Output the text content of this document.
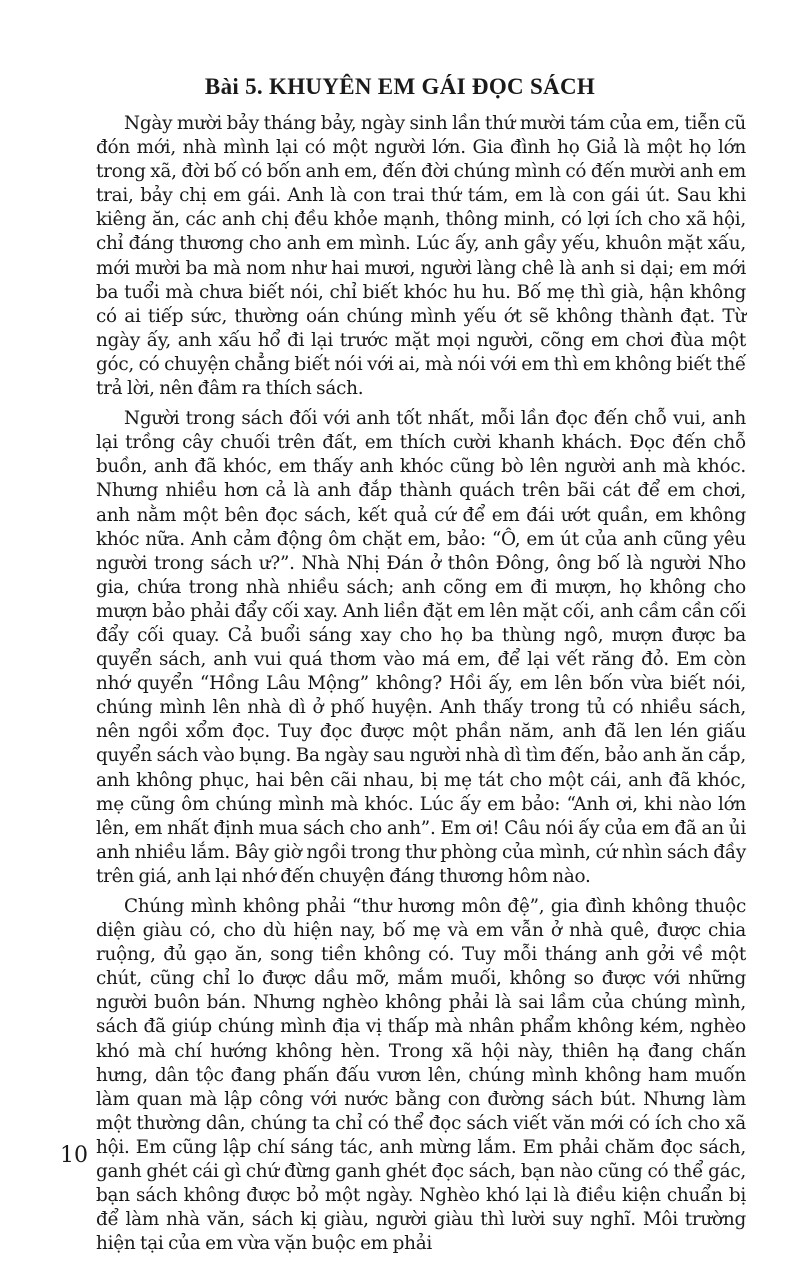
Bài 5. KHUYÊN EM GÁI ĐỌC SÁCH

Ngày mười bảy tháng bảy, ngày sinh lần thứ mười tám của em, tiễn cũ đón mới, nhà mình lại có một người lớn. Gia đình họ Giả là một họ lớn trong xã, đời bố có bốn anh em, đến đời chúng mình có đến mười anh em trai, bảy chị em gái. Anh là con trai thứ tám, em là con gái út. Sau khi kiêng ăn, các anh chị đều khỏe mạnh, thông minh, có lợi ích cho xã hội, chỉ đáng thương cho anh em mình. Lúc ấy, anh gầy yếu, khuôn mặt xấu, mới mười ba mà nom như hai mươi, người làng chê là anh si dại; em mới ba tuổi mà chưa biết nói, chỉ biết khóc hu hu. Bố mẹ thì già, hận không có ai tiếp sức, thường oán chúng mình yếu ớt sẽ không thành đạt. Từ ngày ấy, anh xấu hổ đi lại trước mặt mọi người, cõng em chơi đùa một góc, có chuyện chẳng biết nói với ai, mà nói với em thì em không biết thế trả lời, nên đâm ra thích sách.

Người trong sách đối với anh tốt nhất, mỗi lần đọc đến chỗ vui, anh lại trồng cây chuối trên đất, em thích cười khanh khách. Đọc đến chỗ buồn, anh đã khóc, em thấy anh khóc cũng bò lên người anh mà khóc. Nhưng nhiều hơn cả là anh đắp thành quách trên bãi cát để em chơi, anh nằm một bên đọc sách, kết quả cứ để em đái ướt quần, em không khóc nữa. Anh cảm động ôm chặt em, bảo: “Ô, em út của anh cũng yêu người trong sách ư?”. Nhà Nhị Đán ở thôn Đông, ông bố là người Nho gia, chứa trong nhà nhiều sách; anh cõng em đi mượn, họ không cho mượn bảo phải đẩy cối xay. Anh liền đặt em lên mặt cối, anh cầm cần cối đẩy cối quay. Cả buổi sáng xay cho họ ba thùng ngô, mượn được ba quyển sách, anh vui quá thơm vào má em, để lại vết răng đỏ. Em còn nhớ quyển “Hồng Lâu Mộng” không? Hồi ấy, em lên bốn vừa biết nói, chúng mình lên nhà dì ở phố huyện. Anh thấy trong tủ có nhiều sách, nên ngồi xổm đọc. Tuy đọc được một phần năm, anh đã len lén giấu quyển sách vào bụng. Ba ngày sau người nhà dì tìm đến, bảo anh ăn cắp, anh không phục, hai bên cãi nhau, bị mẹ tát cho một cái, anh đã khóc, mẹ cũng ôm chúng mình mà khóc. Lúc ấy em bảo: “Anh ơi, khi nào lớn lên, em nhất định mua sách cho anh”. Em ơi! Câu nói ấy của em đã an ủi anh nhiều lắm. Bây giờ ngồi trong thư phòng của mình, cứ nhìn sách đầy trên giá, anh lại nhớ đến chuyện đáng thương hôm nào.

Chúng mình không phải “thư hương môn đệ”, gia đình không thuộc diện giàu có, cho dù hiện nay, bố mẹ và em vẫn ở nhà quê, được chia ruộng, đủ gạo ăn, song tiền không có. Tuy mỗi tháng anh gởi về một chút, cũng chỉ lo được dầu mỡ, mắm muối, không so được với những người buôn bán. Nhưng nghèo không phải là sai lầm của chúng mình, sách đã giúp chúng mình địa vị thấp mà nhân phẩm không kém, nghèo khó mà chí hướng không hèn. Trong xã hội này, thiên hạ đang chấn hưng, dân tộc đang phấn đấu vươn lên, chúng mình không ham muốn làm quan mà lập công với nước bằng con đường sách bút. Nhưng làm một thường dân, chúng ta chỉ có thể đọc sách viết văn mới có ích cho xã hội. Em cũng lập chí sáng tác, anh mừng lắm. Em phải chăm đọc sách, ganh ghét cái gì chứ đừng ganh ghét đọc sách, bạn nào cũng có thể gác, bạn sách không được bỏ một ngày. Nghèo khó lại là điều kiện chuẩn bị để làm nhà văn, sách kị giàu, người giàu thì lười suy nghĩ. Môi trường hiện tại của em vừa vặn buộc em phải

10
